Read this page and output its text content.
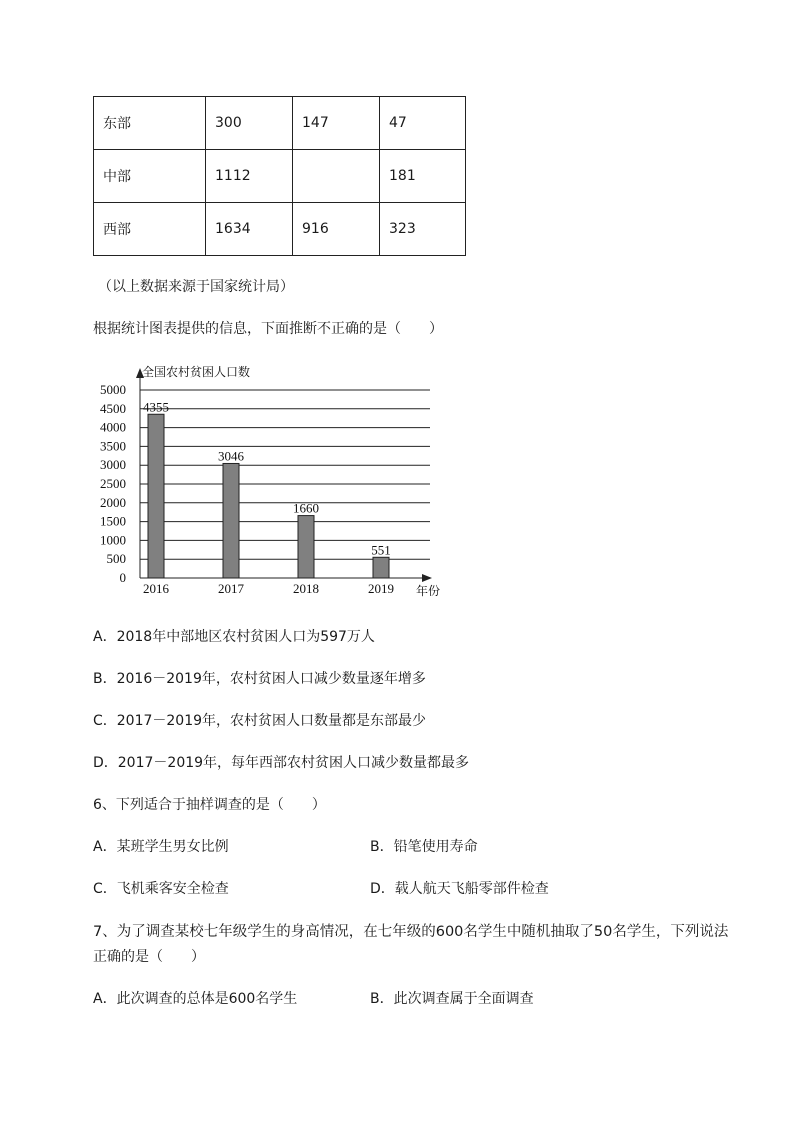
东部	300	147	47
中部	1112		181
西部	1634	916	323
（以上数据来源于国家统计局）
根据统计图表提供的信息，下面推断不正确的是（　　）
0
500
1000
1500
2000
2500
3000
3500
4000
4500
5000
全国农村贫困人口数
年份
4355
2016
3046
2017
1660
2018
551
2019
A．2018年中部地区农村贫困人口为597万人
B．2016－2019年，农村贫困人口减少数量逐年增多
C．2017－2019年，农村贫困人口数量都是东部最少
D．2017－2019年，每年西部农村贫困人口减少数量都最多
6、下列适合于抽样调查的是（　　）
A．某班学生男女比例	B．铅笔使用寿命
C．飞机乘客安全检查	D．载人航天飞船零部件检查
7、为了调查某校七年级学生的身高情况，在七年级的600名学生中随机抽取了50名学生，下列说法
正确的是（　　）
A．此次调查的总体是600名学生	B．此次调查属于全面调查
